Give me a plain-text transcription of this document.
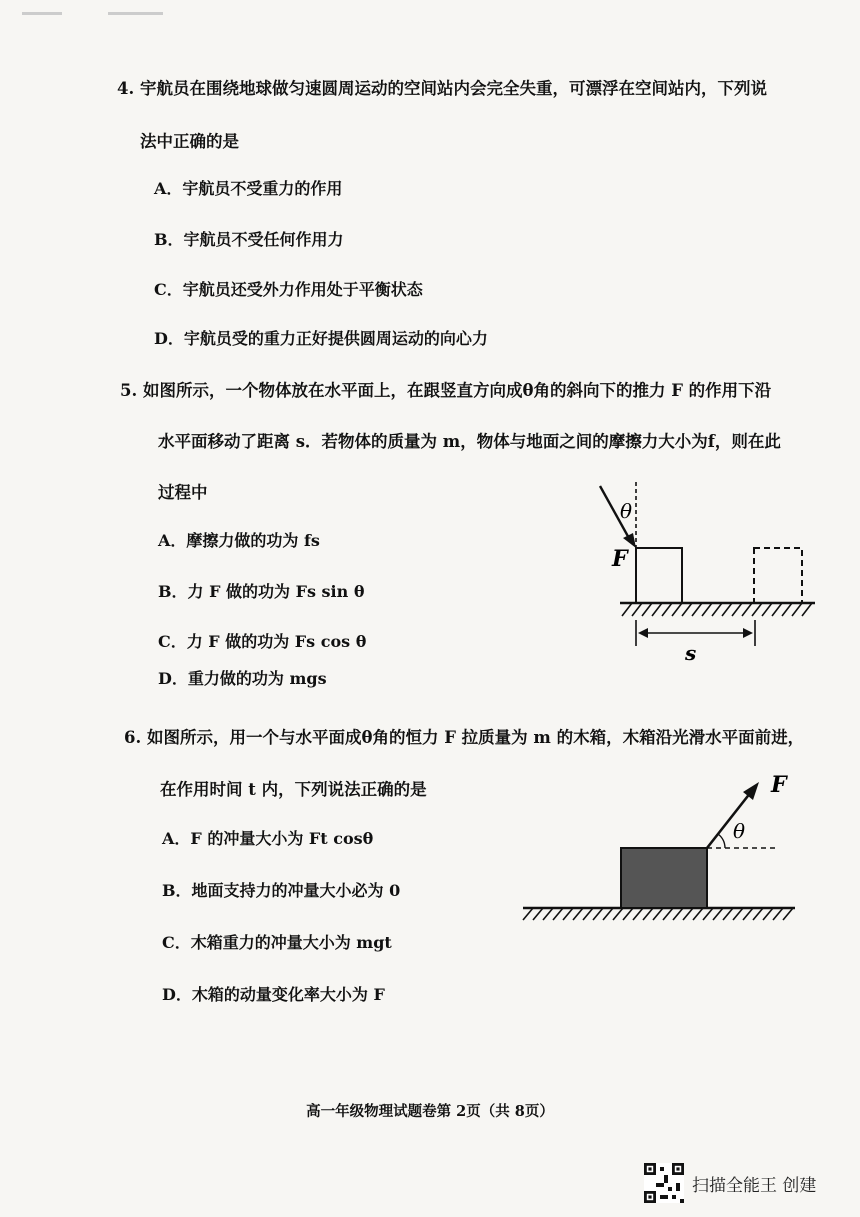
4. 宇航员在围绕地球做匀速圆周运动的空间站内会完全失重，可漂浮在空间站内，下列说
法中正确的是
A．宇航员不受重力的作用
B．宇航员不受任何作用力
C．宇航员还受外力作用处于平衡状态
D．宇航员受的重力正好提供圆周运动的向心力
5. 如图所示，一个物体放在水平面上，在跟竖直方向成θ角的斜向下的推力 F 的作用下沿
水平面移动了距离 s．若物体的质量为 m，物体与地面之间的摩擦力大小为f，则在此
过程中
A．摩擦力做的功为 fs
B．力 F 做的功为 Fs sin θ
C．力 F 做的功为 Fs cos θ
D．重力做的功为 mgs
θ
F
s
6. 如图所示，用一个与水平面成θ角的恒力 F 拉质量为 m 的木箱，木箱沿光滑水平面前进，
在作用时间 t 内，下列说法正确的是
A．F 的冲量大小为 Ft cosθ
B．地面支持力的冲量大小必为 0
C．木箱重力的冲量大小为 mgt
D．木箱的动量变化率大小为 F
θ
F
高一年级物理试题卷第 2页（共 8页）
扫描全能王 创建
